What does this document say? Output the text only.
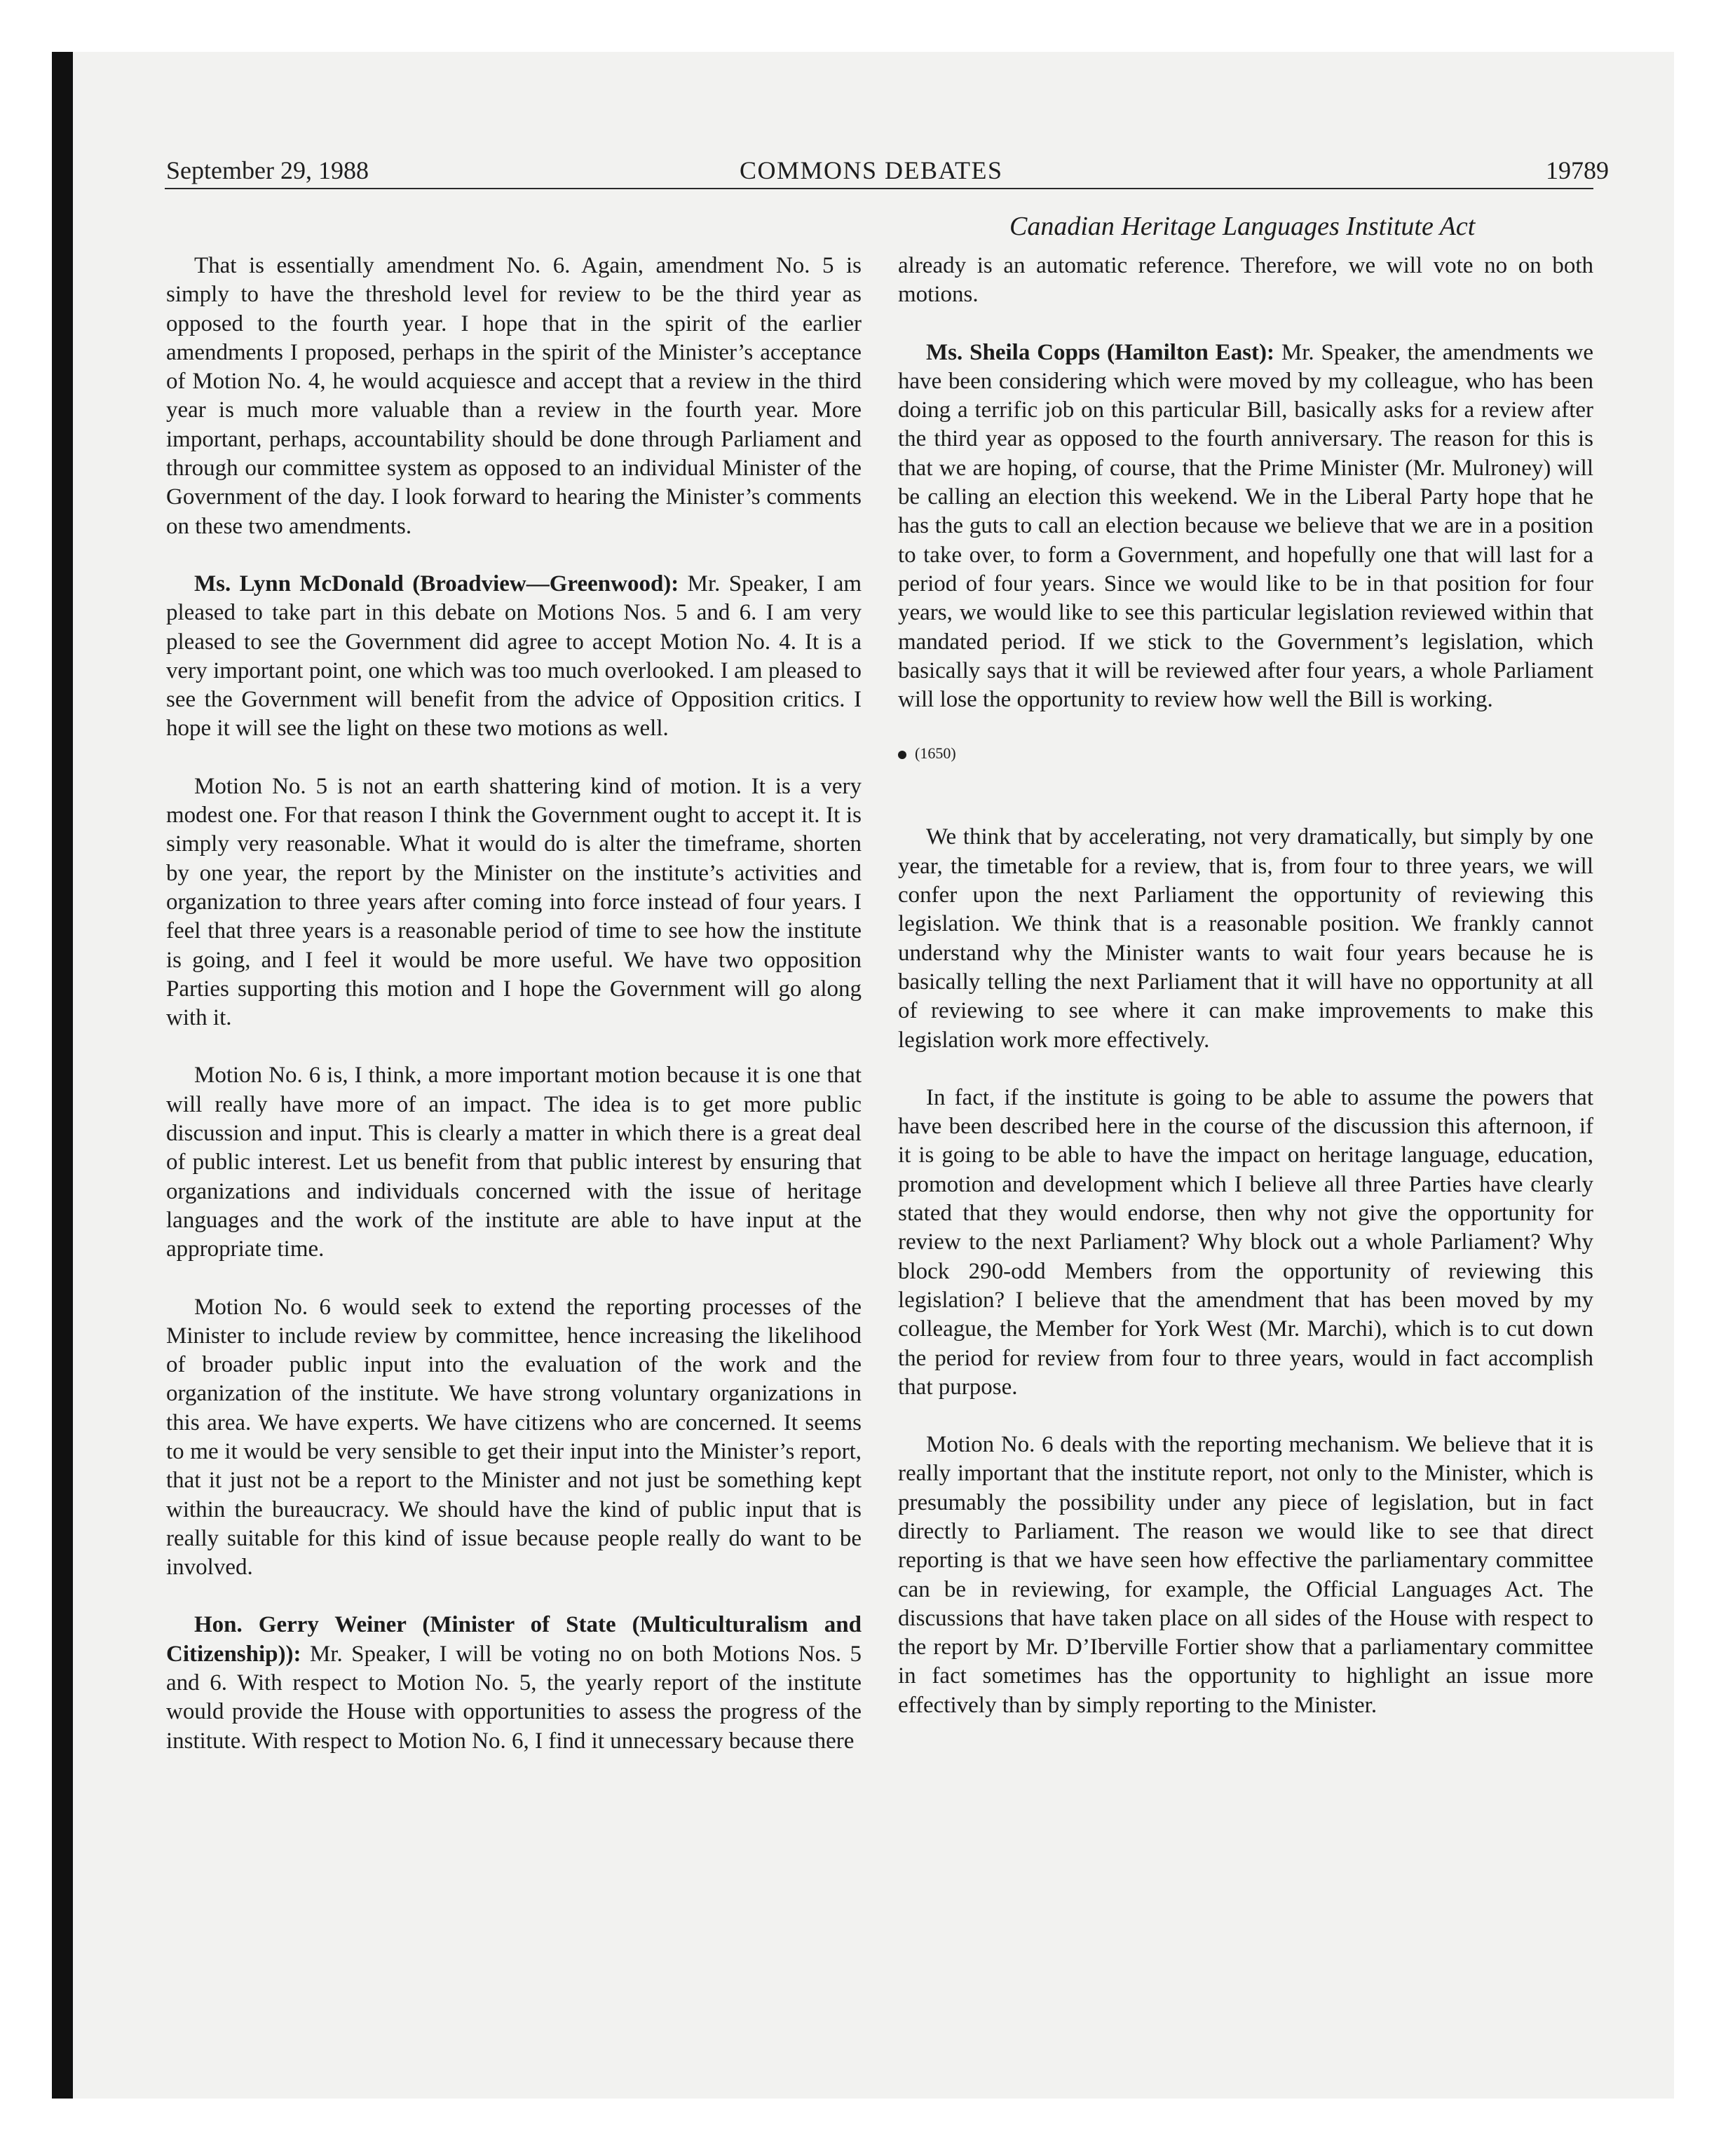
September 29, 1988	COMMONS DEBATES	19789
Canadian Heritage Languages Institute Act

That is essentially amendment No. 6. Again, amendment No. 5 is simply to have the threshold level for review to be the third year as opposed to the fourth year. I hope that in the spirit of the earlier amendments I proposed, perhaps in the spirit of the Minister’s acceptance of Motion No. 4, he would acquiesce and accept that a review in the third year is much more valuable than a review in the fourth year. More important, perhaps, accountability should be done through Parliament and through our committee system as opposed to an individual Minister of the Government of the day. I look forward to hearing the Minister’s comments on these two amendments.

Ms. Lynn McDonald (Broadview—Greenwood): Mr. Speaker, I am pleased to take part in this debate on Motions Nos. 5 and 6. I am very pleased to see the Government did agree to accept Motion No. 4. It is a very important point, one which was too much overlooked. I am pleased to see the Government will benefit from the advice of Opposition critics. I hope it will see the light on these two motions as well.

Motion No. 5 is not an earth shattering kind of motion. It is a very modest one. For that reason I think the Government ought to accept it. It is simply very reasonable. What it would do is alter the timeframe, shorten by one year, the report by the Minister on the institute’s activities and organization to three years after coming into force instead of four years. I feel that three years is a reasonable period of time to see how the institute is going, and I feel it would be more useful. We have two opposition Parties supporting this motion and I hope the Government will go along with it.

Motion No. 6 is, I think, a more important motion because it is one that will really have more of an impact. The idea is to get more public discussion and input. This is clearly a matter in which there is a great deal of public interest. Let us benefit from that public interest by ensuring that organizations and individuals concerned with the issue of heritage languages and the work of the institute are able to have input at the appropriate time.

Motion No. 6 would seek to extend the reporting processes of the Minister to include review by committee, hence increasing the likelihood of broader public input into the evaluation of the work and the organization of the institute. We have strong voluntary organizations in this area. We have experts. We have citizens who are concerned. It seems to me it would be very sensible to get their input into the Minister’s report, that it just not be a report to the Minister and not just be something kept within the bureaucracy. We should have the kind of public input that is really suitable for this kind of issue because people really do want to be involved.

Hon. Gerry Weiner (Minister of State (Multiculturalism and Citizenship)): Mr. Speaker, I will be voting no on both Motions Nos. 5 and 6. With respect to Motion No. 5, the yearly report of the institute would provide the House with opportunities to assess the progress of the institute. With respect to Motion No. 6, I find it unnecessary because there

already is an automatic reference. Therefore, we will vote no on both motions.

Ms. Sheila Copps (Hamilton East): Mr. Speaker, the amendments we have been considering which were moved by my colleague, who has been doing a terrific job on this particular Bill, basically asks for a review after the third year as opposed to the fourth anniversary. The reason for this is that we are hoping, of course, that the Prime Minister (Mr. Mulroney) will be calling an election this weekend. We in the Liberal Party hope that he has the guts to call an election because we believe that we are in a position to take over, to form a Government, and hopefully one that will last for a period of four years. Since we would like to be in that position for four years, we would like to see this particular legislation reviewed within that mandated period. If we stick to the Government’s legislation, which basically says that it will be reviewed after four years, a whole Parliament will lose the opportunity to review how well the Bill is working.

(1650)

We think that by accelerating, not very dramatically, but simply by one year, the timetable for a review, that is, from four to three years, we will confer upon the next Parliament the opportunity of reviewing this legislation. We think that is a reasonable position. We frankly cannot understand why the Minister wants to wait four years because he is basically telling the next Parliament that it will have no opportunity at all of reviewing to see where it can make improvements to make this legislation work more effectively.

In fact, if the institute is going to be able to assume the powers that have been described here in the course of the discussion this afternoon, if it is going to be able to have the impact on heritage language, education, promotion and development which I believe all three Parties have clearly stated that they would endorse, then why not give the opportunity for review to the next Parliament? Why block out a whole Parliament? Why block 290-odd Members from the opportunity of reviewing this legislation? I believe that the amendment that has been moved by my colleague, the Member for York West (Mr. Marchi), which is to cut down the period for review from four to three years, would in fact accomplish that purpose.

Motion No. 6 deals with the reporting mechanism. We believe that it is really important that the institute report, not only to the Minister, which is presumably the possibility under any piece of legislation, but in fact directly to Parliament. The reason we would like to see that direct reporting is that we have seen how effective the parliamentary committee can be in reviewing, for example, the Official Languages Act. The discussions that have taken place on all sides of the House with respect to the report by Mr. D’Iberville Fortier show that a parliamentary committee in fact sometimes has the opportunity to highlight an issue more effectively than by simply reporting to the Minister.
